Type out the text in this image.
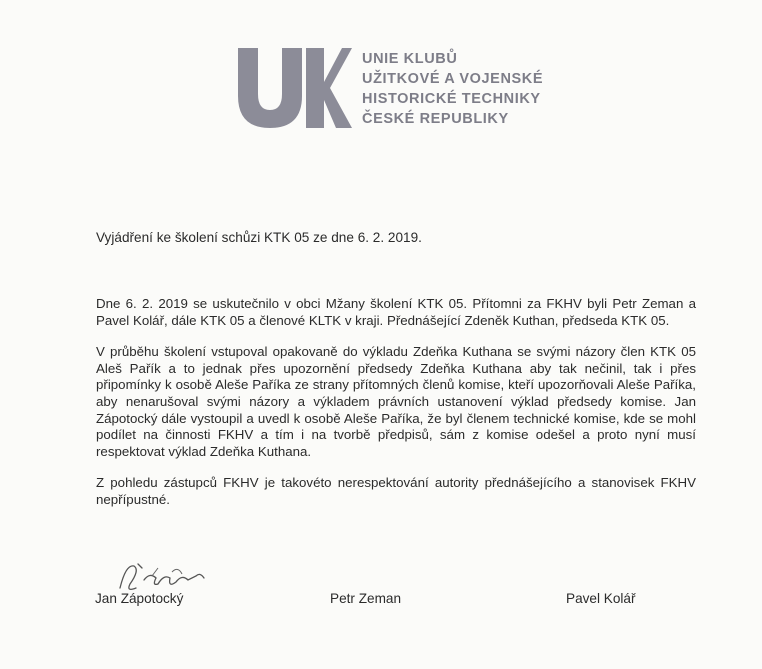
UNIE KLUBŮ
UŽITKOVÉ A VOJENSKÉ
HISTORICKÉ TECHNIKY
ČESKÉ REPUBLIKY
Vyjádření ke školení schůzi KTK 05 ze dne 6. 2. 2019.

Dne 6. 2. 2019 se uskutečnilo v obci Mžany školení KTK 05. Přítomni za FKHV byli Petr Zeman a Pavel Kolář, dále KTK 05 a členové KLTK v kraji. Přednášející Zdeněk Kuthan, předseda KTK 05.

V průběhu školení vstupoval opakovaně do výkladu Zdeňka Kuthana se svými názory člen KTK 05 Aleš Pařík a to jednak přes upozornění předsedy Zdeňka Kuthana aby tak nečinil, tak i přes připomínky k osobě Aleše Paříka ze strany přítomných členů komise, kteří upozorňovali Aleše Paříka, aby nenarušoval svými názory a výkladem právních ustanovení výklad předsedy komise. Jan Zápotocký dále vystoupil a uvedl k osobě Aleše Paříka, že byl členem technické komise, kde se mohl podílet na činnosti FKHV a tím i na tvorbě předpisů, sám z komise odešel a proto nyní musí respektovat výklad Zdeňka Kuthana.

Z pohledu zástupců FKHV je takovéto nerespektování autority přednášejícího a stanovisek FKHV nepřípustné.

Jan Zápotocký	Petr Zeman	Pavel Kolář
